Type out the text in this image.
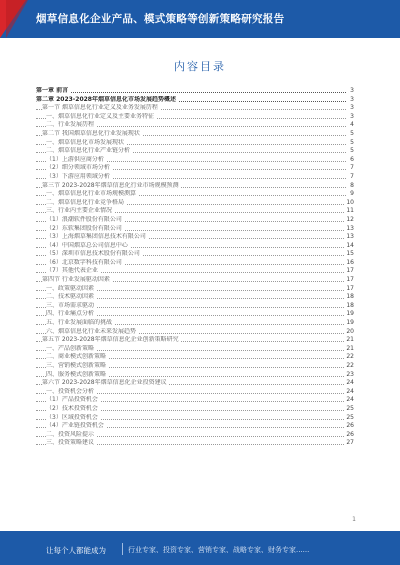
烟草信息化企业产品、模式策略等创新策略研究报告
内容目录
第一章 前言	3
第二章 2023-2028年烟草信息化市场发展趋势概述	3
第一节 烟草信息化行业定义及业务发展历程	3
一、烟草信息化行业定义及主要业务特征	3
二、行业发展历程	4
第二节 我国烟草信息化行业发展现状	5
一、烟草信息化市场发展现状	5
二、烟草信息化行业产业链分析	5
（1）上游供应商分析	6
（2）细分领域市场分析	7
（3）下游应用领域分析	7
第三节 2023-2028年烟草信息化行业市场规模预测	8
一、烟草信息化行业市场规模测算	9
二、烟草信息化行业竞争格局	10
三、行业内主要企业情况	11
（1）浪潮软件股份有限公司	12
（2）东软集团股份有限公司	13
（3）上海烟草集团信息技术有限公司	13
（4）中国烟草总公司信息中心	14
（5）深圳市信息技术股份有限公司	15
（6）北京数字科技有限公司	16
（7）其他代表企业	17
第四节 行业发展驱动因素	17
一、政策驱动因素	17
二、技术驱动因素	18
三、市场需求驱动	18
四、行业痛点分析	19
五、行业发展面临的挑战	19
六、烟草信息化行业未来发展趋势	20
第五节 2023-2028年烟草信息化企业创新策略研究	21
一、产品创新策略	21
二、商业模式创新策略	22
三、营销模式创新策略	22
四、服务模式创新策略	23
第六节 2023-2028年烟草信息化企业投资建议	24
一、投资机会分析	24
（1）产品投资机会	24
（2）技术投资机会	25
（3）区域投资机会	25
（4）产业链投资机会	26
二、投资风险提示	26
三、投资策略建议	27
1
让每个人都能成为	行业专家、投资专家、营销专家、战略专家、财务专家......
